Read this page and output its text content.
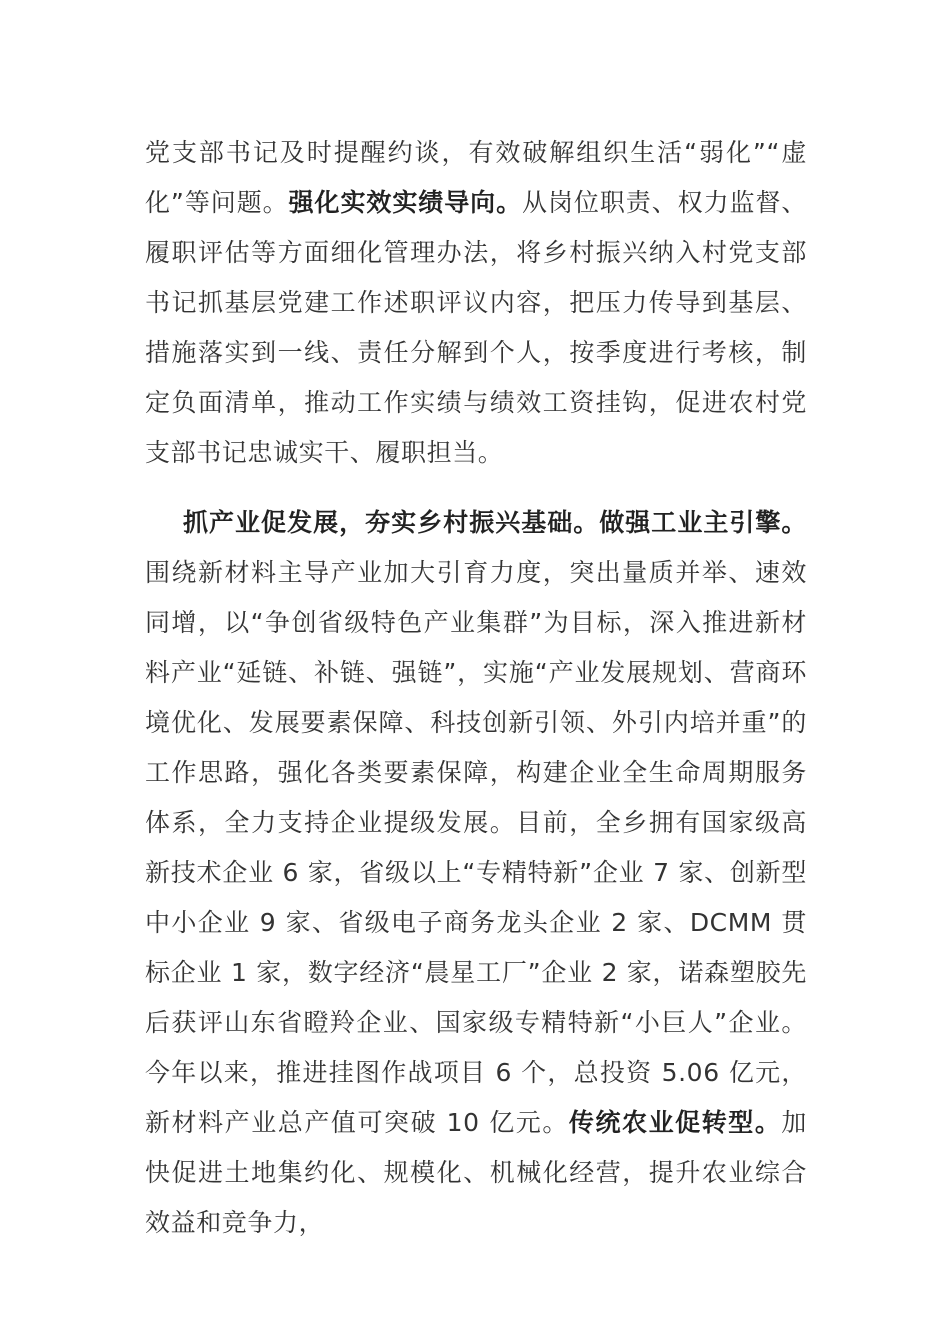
党支部书记及时提醒约谈，有效破解组织生活“弱化”“虚化”等问题。强化实效实绩导向。从岗位职责、权力监督、履职评估等方面细化管理办法，将乡村振兴纳入村党支部书记抓基层党建工作述职评议内容，把压力传导到基层、措施落实到一线、责任分解到个人，按季度进行考核，制定负面清单，推动工作实绩与绩效工资挂钩，促进农村党支部书记忠诚实干、履职担当。

抓产业促发展，夯实乡村振兴基础。做强工业主引擎。围绕新材料主导产业加大引育力度，突出量质并举、速效同增，以“争创省级特色产业集群”为目标，深入推进新材料产业“延链、补链、强链”，实施“产业发展规划、营商环境优化、发展要素保障、科技创新引领、外引内培并重”的工作思路，强化各类要素保障，构建企业全生命周期服务体系，全力支持企业提级发展。目前，全乡拥有国家级高新技术企业 6 家，省级以上“专精特新”企业 7 家、创新型中小企业 9 家、省级电子商务龙头企业 2 家、DCMM 贯标企业 1 家，数字经济“晨星工厂”企业 2 家，诺森塑胶先后获评山东省瞪羚企业、国家级专精特新“小巨人”企业。今年以来，推进挂图作战项目 6 个，总投资 5.06 亿元，新材料产业总产值可突破 10 亿元。传统农业促转型。加快促进土地集约化、规模化、机械化经营，提升农业综合效益和竞争力，
